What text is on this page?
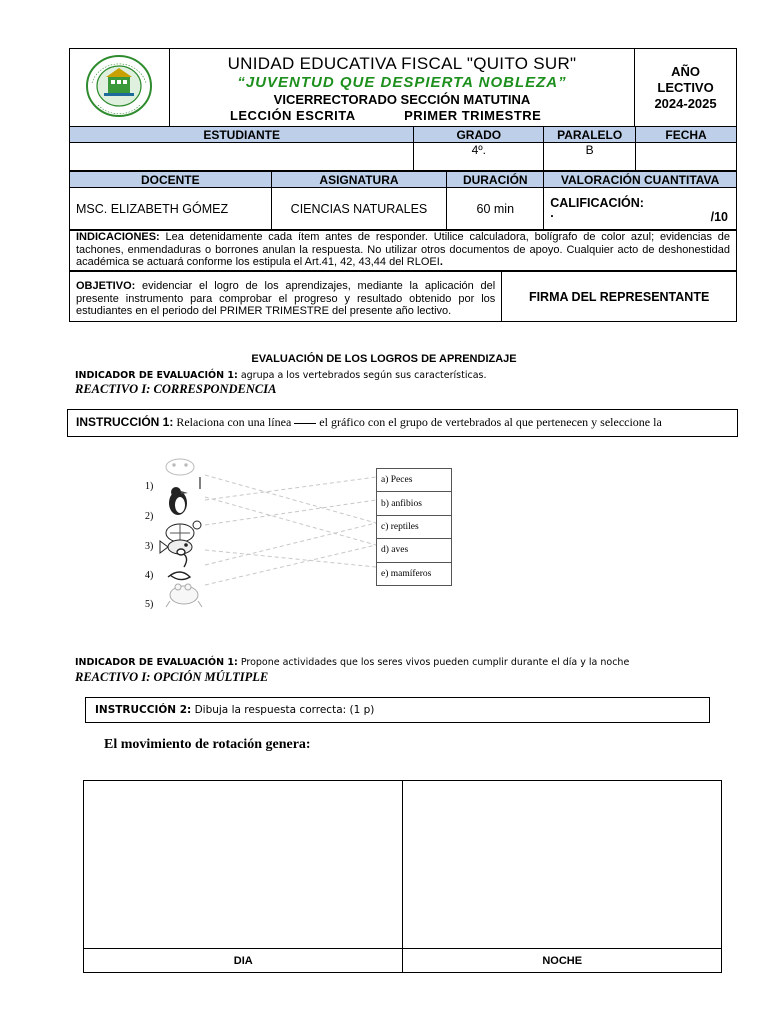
UNIDAD EDUCATIVA FISCAL "QUITO SUR"
“JUVENTUD QUE DESPIERTA NOBLEZA”
VICERRECTORADO SECCIÓN MATUTINA
LECCIÓN ESCRITA	PRIMER TRIMESTRE

AÑO
LECTIVO
2024-2025
ESTUDIANTE	GRADO	PARALELO	FECHA
	4º.	B	
DOCENTE	ASIGNATURA	DURACIÓN	VALORACIÓN CUANTITAVA
MSC. ELIZABETH GÓMEZ	CIENCIAS NATURALES	60 min	CALIFICACIÓN:
. /10
INDICACIONES: Lea detenidamente cada ítem antes de responder. Utilice calculadora, bolígrafo de color azul; evidencias de tachones, enmendaduras o borrones anulan la respuesta. No utilizar otros documentos de apoyo. Cualquier acto de deshonestidad académica se actuará conforme los estipula el Art.41, 42, 43,44 del RLOEI.
OBJETIVO: evidenciar el logro de los aprendizajes, mediante la aplicación del presente instrumento para comprobar el progreso y resultado obtenido por los estudiantes en el periodo del PRIMER TRIMESTRE del presente año lectivo.	FIRMA DEL REPRESENTANTE
EVALUACIÓN DE LOS LOGROS DE APRENDIZAJE
INDICADOR DE EVALUACIÓN 1: agrupa a los vertebrados según sus características.
REACTIVO I: CORRESPONDENCIA
INSTRUCCIÓN 1: Relaciona con una línea  el gráfico con el grupo de vertebrados al que pertenecen y seleccione la
1)
2)
3)
4)
5)
a) Peces
b) anfibios
c) reptiles
d) aves
e) mamíferos
INDICADOR DE EVALUACIÓN 1: Propone actividades que los seres vivos pueden cumplir durante el día y la noche
REACTIVO I: OPCIÓN MÚLTIPLE
INSTRUCCIÓN 2: Dibuja la respuesta correcta: (1 p)
El movimiento de rotación genera:

DIA	NOCHE
